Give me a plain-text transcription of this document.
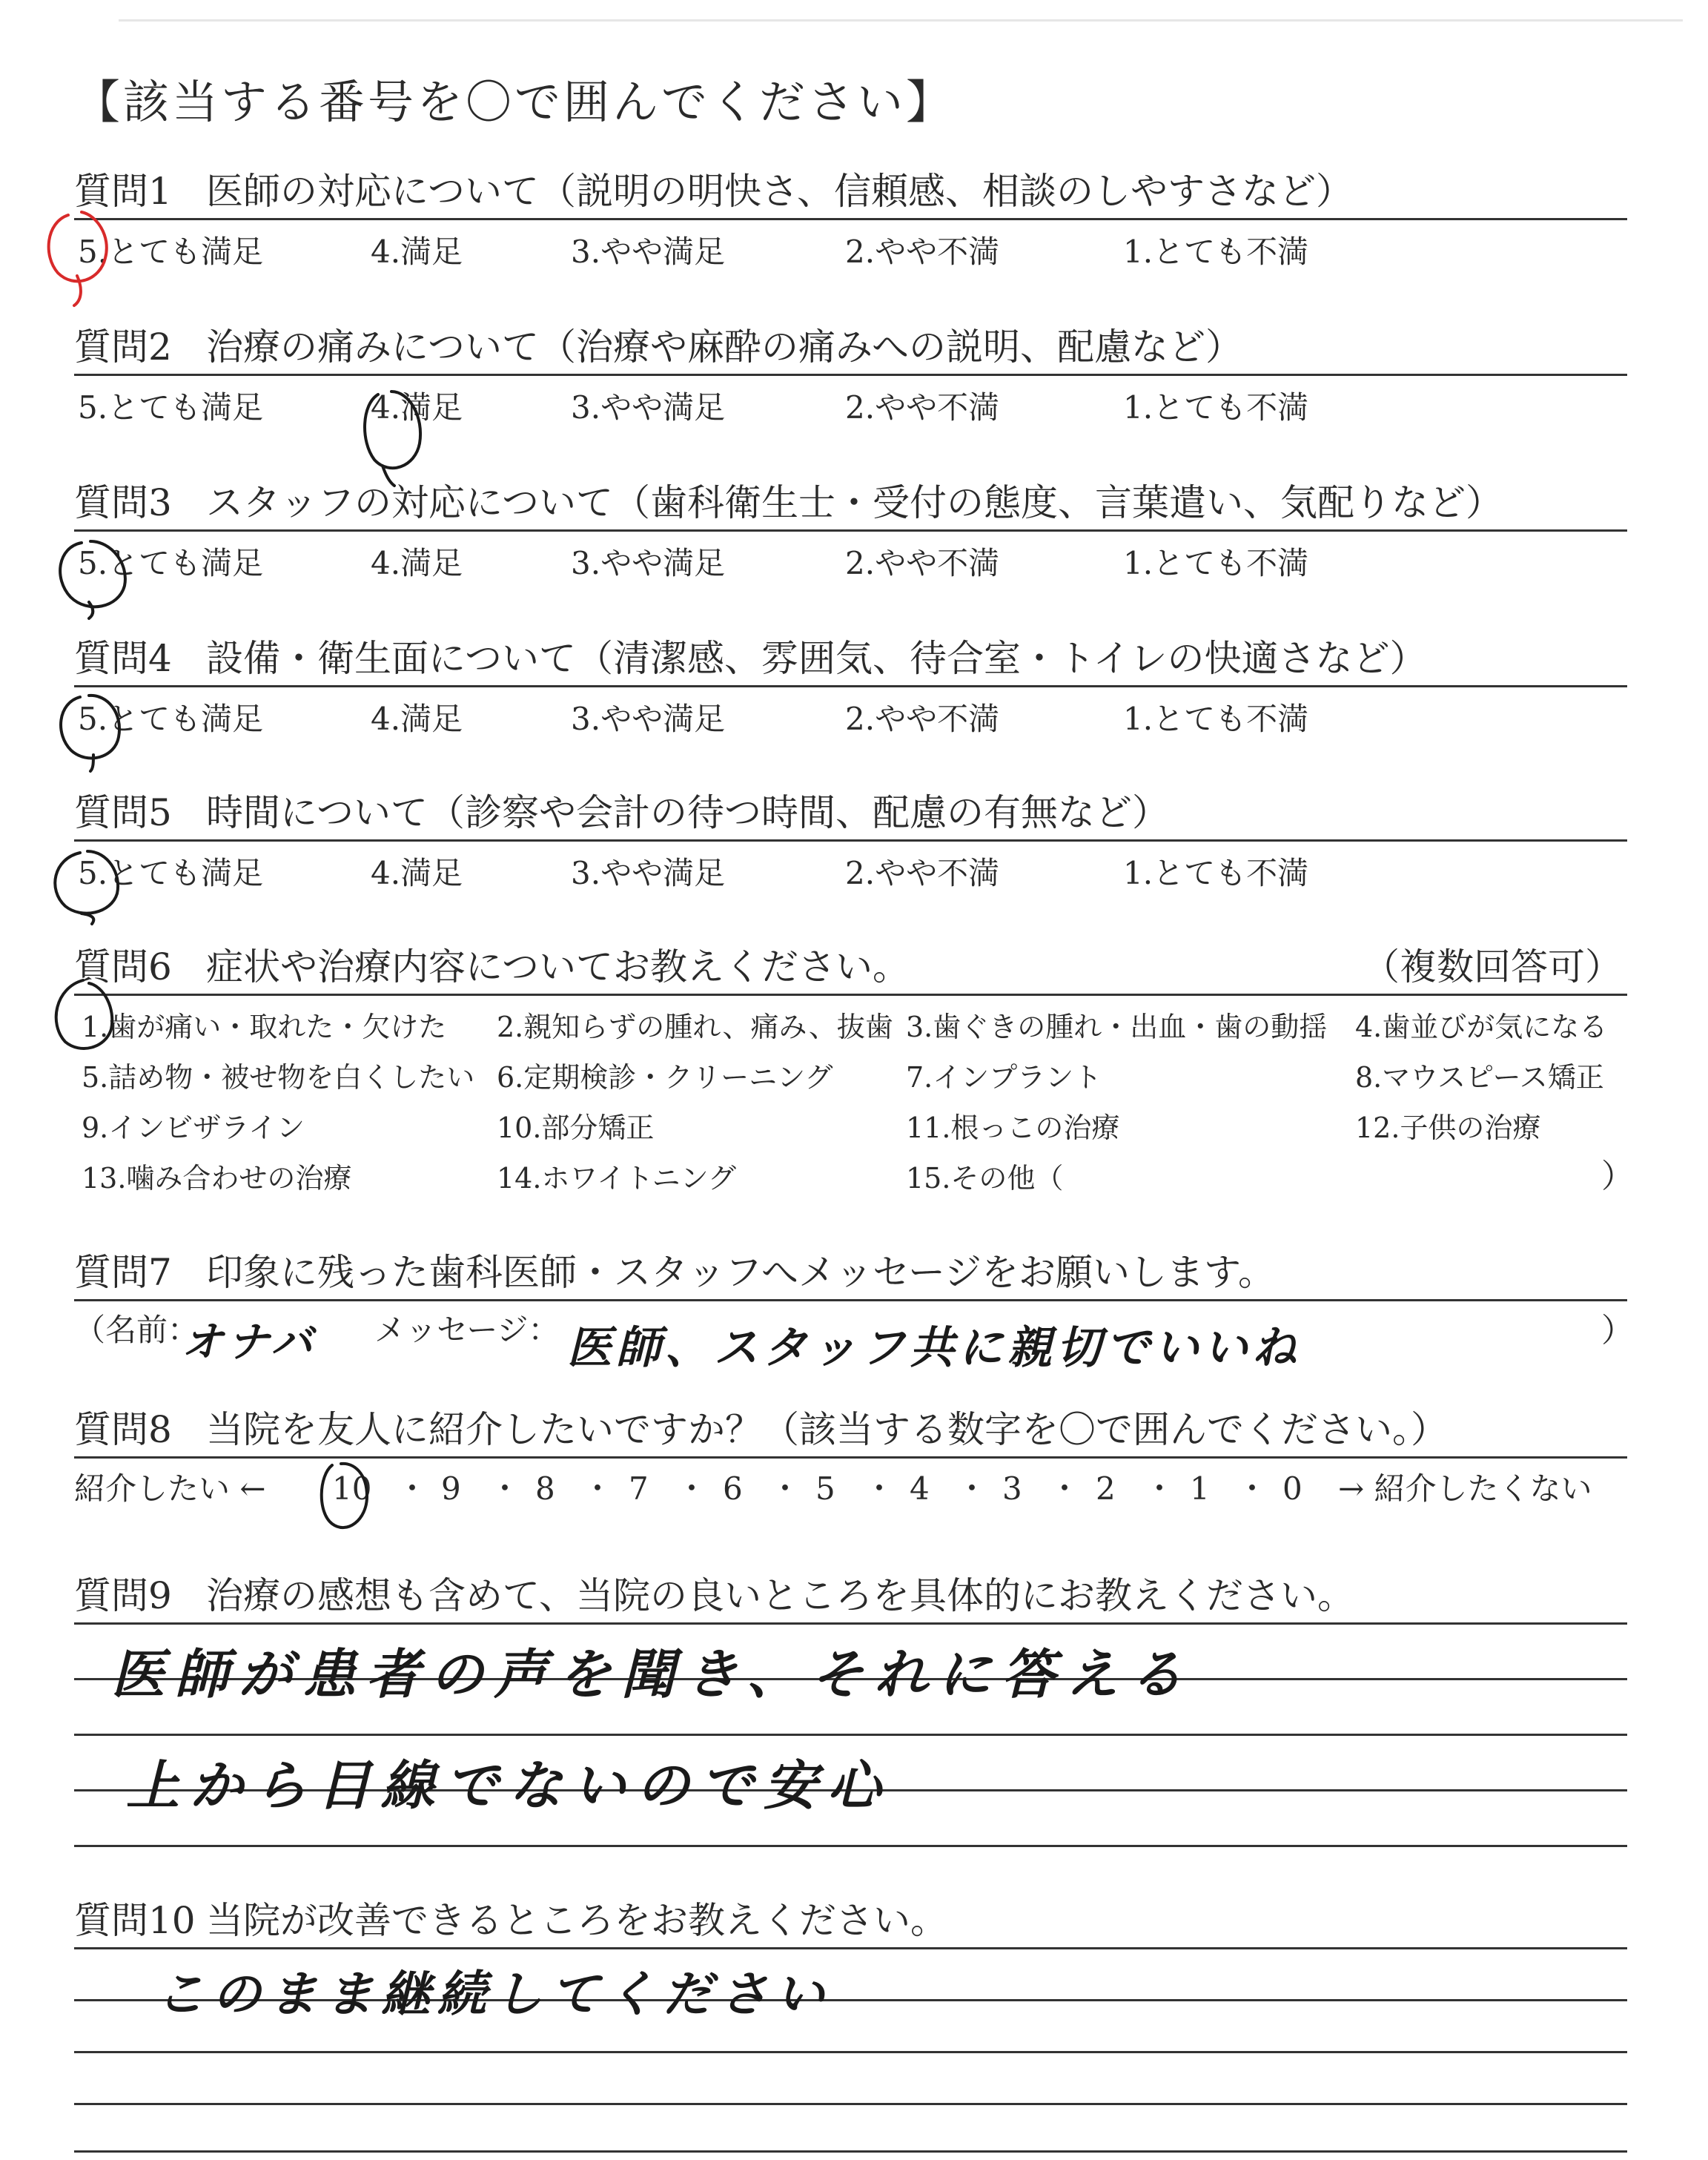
【該当する番号を〇で囲んでください】
質問1 医師の対応について（説明の明快さ、信頼感、相談のしやすさなど）
5.とても満足	4.満足	3.やや満足	2.やや不満	1.とても不満
質問2 治療の痛みについて（治療や麻酔の痛みへの説明、配慮など）
5.とても満足	4.満足	3.やや満足	2.やや不満	1.とても不満
質問3 スタッフの対応について（歯科衛生士・受付の態度、言葉遣い、気配りなど）
5.とても満足	4.満足	3.やや満足	2.やや不満	1.とても不満
質問4 設備・衛生面について（清潔感、雰囲気、待合室・トイレの快適さなど）
5.とても満足	4.満足	3.やや満足	2.やや不満	1.とても不満
質問5 時間について（診察や会計の待つ時間、配慮の有無など）
5.とても満足	4.満足	3.やや満足	2.やや不満	1.とても不満
質問6 症状や治療内容についてお教えください。	（複数回答可）
1.歯が痛い・取れた・欠けた 2.親知らずの腫れ、痛み、抜歯 3.歯ぐきの腫れ・出血・歯の動揺 4.歯並びが気になる
5.詰め物・被せ物を白くしたい 6.定期検診・クリーニング	7.インプラント	8.マウスピース矯正
9.インビザライン	10.部分矯正	11.根っこの治療	12.子供の治療
13.噛み合わせの治療	14.ホワイトニング	15.その他（	）
質問7 印象に残った歯科医師・スタッフへメッセージをお願いします。
（名前：
オナバ メッセージ： 医師、スタッフ共に親切でいいね	）
質問8 当院を友人に紹介したいですか？（該当する数字を〇で囲んでください。）
紹介したい ← 10 ・ 9 ・ 8 ・ 7 ・ 6 ・ 5 ・ 4 ・ 3 ・ 2 ・ 1 ・ 0 → 紹介したくない
質問9 治療の感想も含めて、当院の良いところを具体的にお教えください。
医師が患者の声を聞き、それに答える
上から目線でないので安心
質問10 当院が改善できるところをお教えください。
このまま継続してください
